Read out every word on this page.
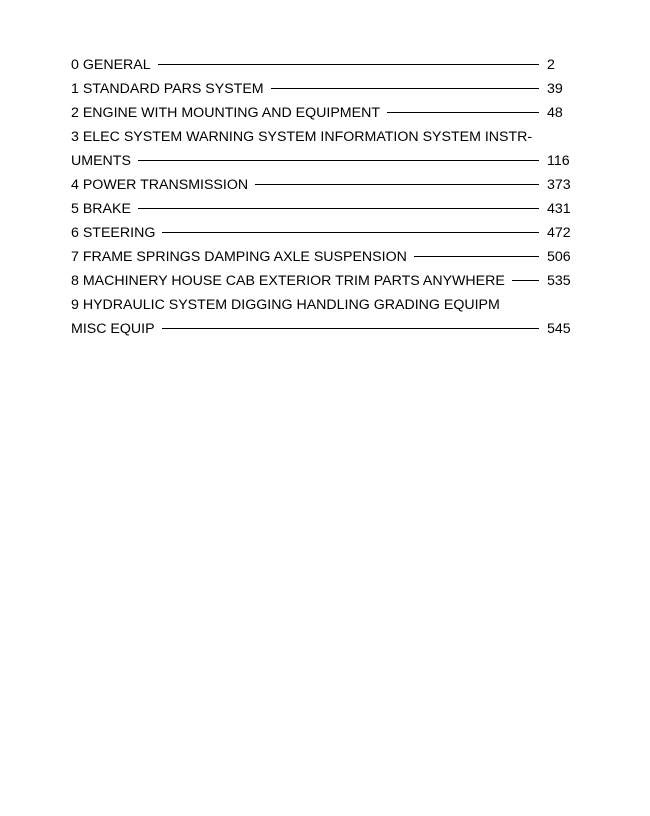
0 GENERAL	2
1 STANDARD PARS SYSTEM	39
2 ENGINE WITH MOUNTING AND EQUIPMENT	48
3 ELEC SYSTEM WARNING SYSTEM INFORMATION SYSTEM INSTR-
UMENTS	116
4 POWER TRANSMISSION	373
5 BRAKE	431
6 STEERING	472
7 FRAME SPRINGS DAMPING AXLE SUSPENSION	506
8 MACHINERY HOUSE CAB EXTERIOR TRIM PARTS ANYWHERE	535
9 HYDRAULIC SYSTEM DIGGING HANDLING GRADING EQUIPM
MISC EQUIP	545
